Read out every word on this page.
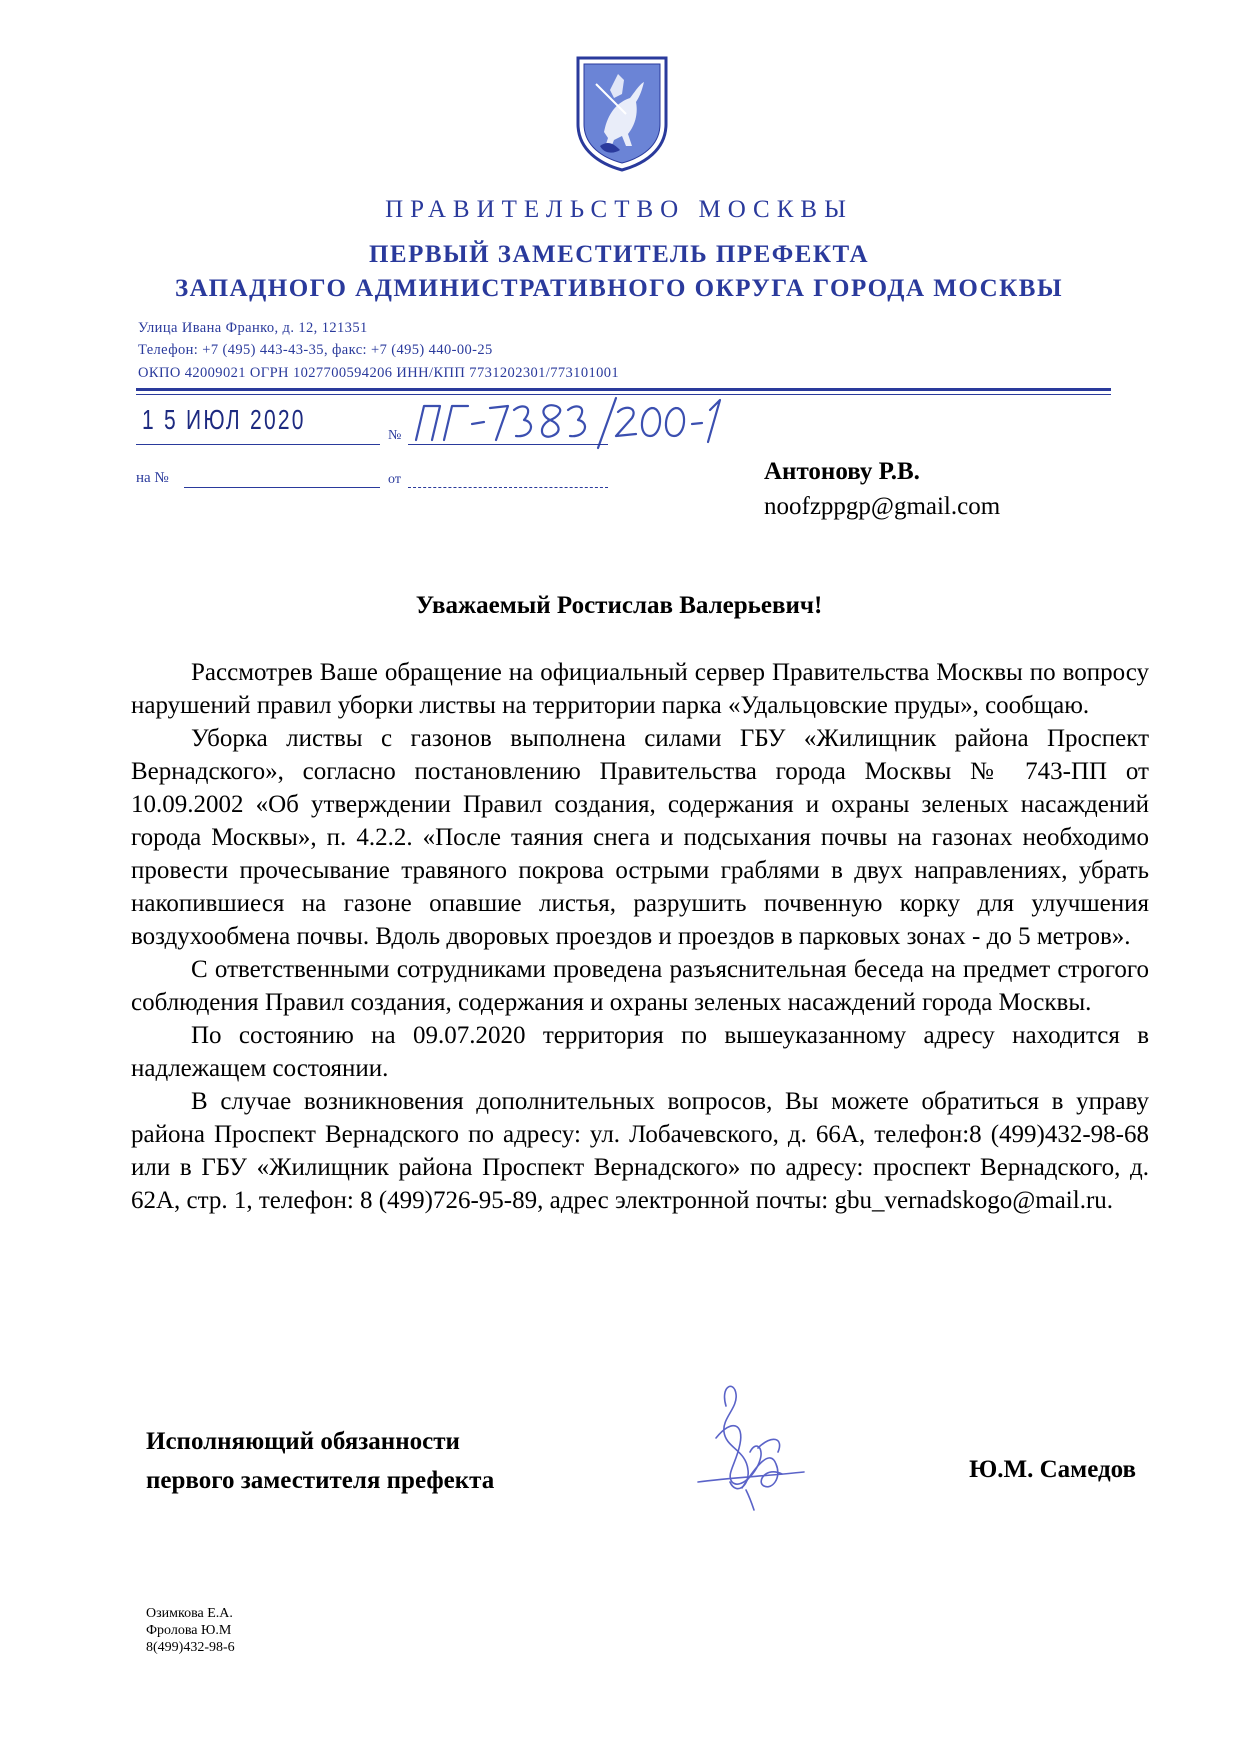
ПРАВИТЕЛЬСТВО МОСКВЫ
ПЕРВЫЙ ЗАМЕСТИТЕЛЬ ПРЕФЕКТА
ЗАПАДНОГО АДМИНИСТРАТИВНОГО ОКРУГА ГОРОДА МОСКВЫ
Улица Ивана Франко, д. 12, 121351
Телефон: +7 (495) 443-43-35, факс: +7 (495) 440-00-25
ОКПО 42009021 ОГРН 1027700594206 ИНН/КПП 7731202301/773101001
1 5 ИЮЛ 2020
№
на №	от	Антонову Р.В.
noofzppgp@gmail.com
Уважаемый Ростислав Валерьевич!

Рассмотрев Ваше обращение на официальный сервер Правительства Москвы по вопросу нарушений правил уборки листвы на территории парка «Удальцовские пруды», сообщаю.

Уборка листвы с газонов выполнена силами ГБУ «Жилищник района Проспект Вернадского», согласно постановлению Правительства города Москвы № 743-ПП от 10.09.2002 «Об утверждении Правил создания, содержания и охраны зеленых насаждений города Москвы», п. 4.2.2. «После таяния снега и подсыхания почвы на газонах необходимо провести прочесывание травяного покрова острыми граблями в двух направлениях, убрать накопившиеся на газоне опавшие листья, разрушить почвенную корку для улучшения воздухообмена почвы. Вдоль дворовых проездов и проездов в парковых зонах - до 5 метров».

С ответственными сотрудниками проведена разъяснительная беседа на предмет строгого соблюдения Правил создания, содержания и охраны зеленых насаждений города Москвы.

По состоянию на 09.07.2020 территория по вышеуказанному адресу находится в надлежащем состоянии.

В случае возникновения дополнительных вопросов, Вы можете обратиться в управу района Проспект Вернадского по адресу: ул. Лобачевского, д. 66А, телефон:8 (499)432-98-68 или в ГБУ «Жилищник района Проспект Вернадского» по адресу: проспект Вернадского, д. 62А, стр. 1, телефон: 8 (499)726-95-89, адрес электронной почты: gbu_vernadskogo@mail.ru.

Исполняющий обязанности
первого заместителя префекта	Ю.М. Самедов
Озимкова Е.А.
Фролова Ю.М
8(499)432-98-6
